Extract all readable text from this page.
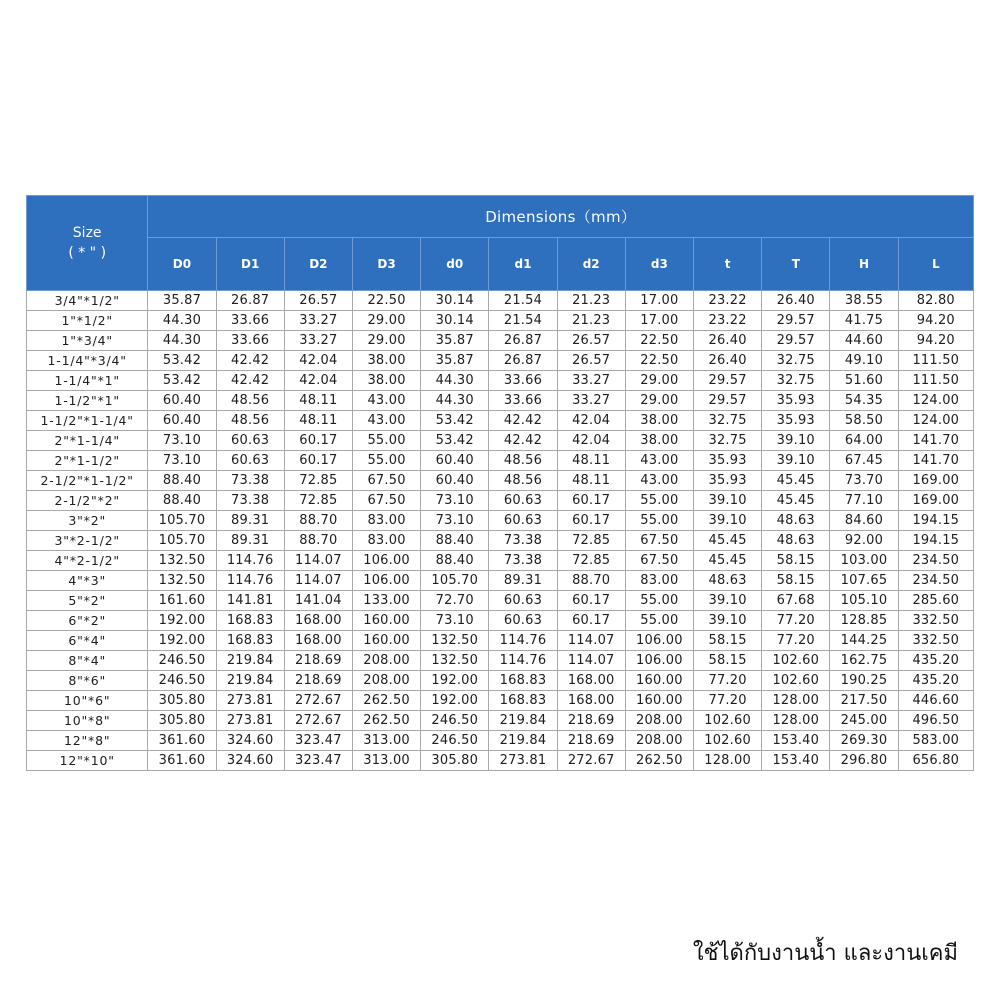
Size
( * " )	Dimensions（mm）											
	D0	D1	D2	D3	d0	d1	d2	d3	t	T	H	L
3/4"*1/2"	35.87	26.87	26.57	22.50	30.14	21.54	21.23	17.00	23.22	26.40	38.55	82.80
1"*1/2"	44.30	33.66	33.27	29.00	30.14	21.54	21.23	17.00	23.22	29.57	41.75	94.20
1"*3/4"	44.30	33.66	33.27	29.00	35.87	26.87	26.57	22.50	26.40	29.57	44.60	94.20
1-1/4"*3/4"	53.42	42.42	42.04	38.00	35.87	26.87	26.57	22.50	26.40	32.75	49.10	111.50
1-1/4"*1"	53.42	42.42	42.04	38.00	44.30	33.66	33.27	29.00	29.57	32.75	51.60	111.50
1-1/2"*1"	60.40	48.56	48.11	43.00	44.30	33.66	33.27	29.00	29.57	35.93	54.35	124.00
1-1/2"*1-1/4"	60.40	48.56	48.11	43.00	53.42	42.42	42.04	38.00	32.75	35.93	58.50	124.00
2"*1-1/4"	73.10	60.63	60.17	55.00	53.42	42.42	42.04	38.00	32.75	39.10	64.00	141.70
2"*1-1/2"	73.10	60.63	60.17	55.00	60.40	48.56	48.11	43.00	35.93	39.10	67.45	141.70
2-1/2"*1-1/2"	88.40	73.38	72.85	67.50	60.40	48.56	48.11	43.00	35.93	45.45	73.70	169.00
2-1/2"*2"	88.40	73.38	72.85	67.50	73.10	60.63	60.17	55.00	39.10	45.45	77.10	169.00
3"*2"	105.70	89.31	88.70	83.00	73.10	60.63	60.17	55.00	39.10	48.63	84.60	194.15
3"*2-1/2"	105.70	89.31	88.70	83.00	88.40	73.38	72.85	67.50	45.45	48.63	92.00	194.15
4"*2-1/2"	132.50	114.76	114.07	106.00	88.40	73.38	72.85	67.50	45.45	58.15	103.00	234.50
4"*3"	132.50	114.76	114.07	106.00	105.70	89.31	88.70	83.00	48.63	58.15	107.65	234.50
5"*2"	161.60	141.81	141.04	133.00	72.70	60.63	60.17	55.00	39.10	67.68	105.10	285.60
6"*2"	192.00	168.83	168.00	160.00	73.10	60.63	60.17	55.00	39.10	77.20	128.85	332.50
6"*4"	192.00	168.83	168.00	160.00	132.50	114.76	114.07	106.00	58.15	77.20	144.25	332.50
8"*4"	246.50	219.84	218.69	208.00	132.50	114.76	114.07	106.00	58.15	102.60	162.75	435.20
8"*6"	246.50	219.84	218.69	208.00	192.00	168.83	168.00	160.00	77.20	102.60	190.25	435.20
10"*6"	305.80	273.81	272.67	262.50	192.00	168.83	168.00	160.00	77.20	128.00	217.50	446.60
10"*8"	305.80	273.81	272.67	262.50	246.50	219.84	218.69	208.00	102.60	128.00	245.00	496.50
12"*8"	361.60	324.60	323.47	313.00	246.50	219.84	218.69	208.00	102.60	153.40	269.30	583.00
12"*10"	361.60	324.60	323.47	313.00	305.80	273.81	272.67	262.50	128.00	153.40	296.80	656.80
ใช้ได้กับงานน้ำ และงานเคมี
